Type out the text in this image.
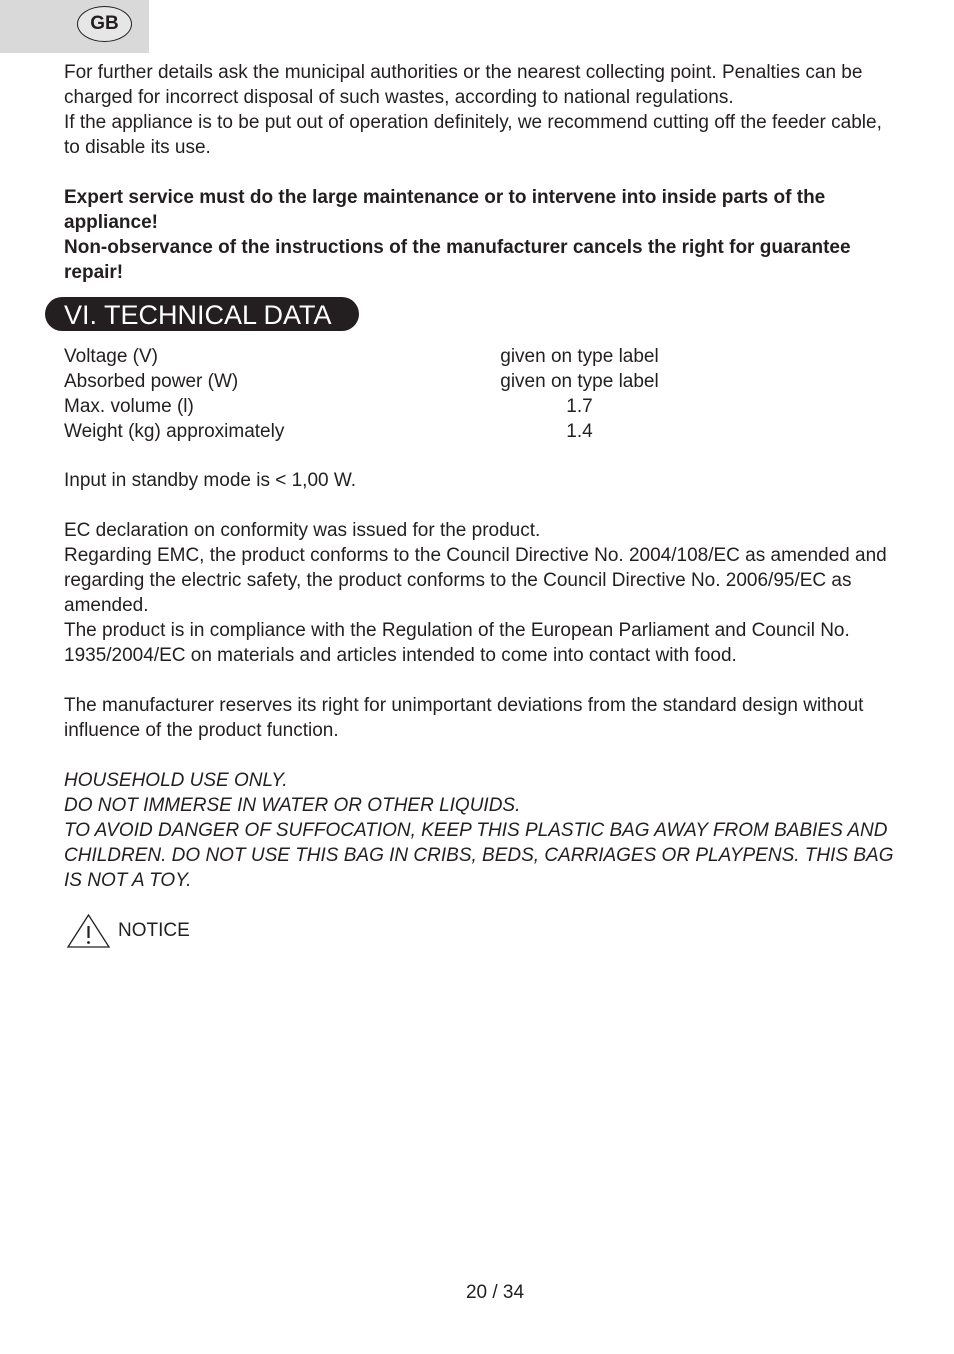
GB

For further details ask the municipal authorities or the nearest collecting point. Penalties can be charged for incorrect disposal of such wastes, according to national regulations.

If the appliance is to be put out of operation definitely, we recommend cutting off the feeder cable, to disable its use.

Expert service must do the large maintenance or to intervene into inside parts of the appliance!

Non-observance of the instructions of the manufacturer cancels the right for guarantee repair!

VI. TECHNICAL DATA
Voltage (V)	given on type label
Absorbed power (W)	given on type label
Max. volume (l)	1.7
Weight (kg) approximately	1.4

Input in standby mode is < 1,00 W.

EC declaration on conformity was issued for the product.

Regarding EMC, the product conforms to the Council Directive No. 2004/108/EC as amended and regarding the electric safety, the product conforms to the Council Directive No. 2006/95/EC as amended.

The product is in compliance with the Regulation of the European Parliament and Council No. 1935/2004/EC on materials and articles intended to come into contact with food.

The manufacturer reserves its right for unimportant deviations from the standard design without influence of the product function.

HOUSEHOLD USE ONLY.

DO NOT IMMERSE IN WATER OR OTHER LIQUIDS.

TO AVOID DANGER OF SUFFOCATION, KEEP THIS PLASTIC BAG AWAY FROM BABIES AND CHILDREN. DO NOT USE THIS BAG IN CRIBS, BEDS, CARRIAGES OR PLAYPENS. THIS BAG IS NOT A TOY.

NOTICE
20 / 34
